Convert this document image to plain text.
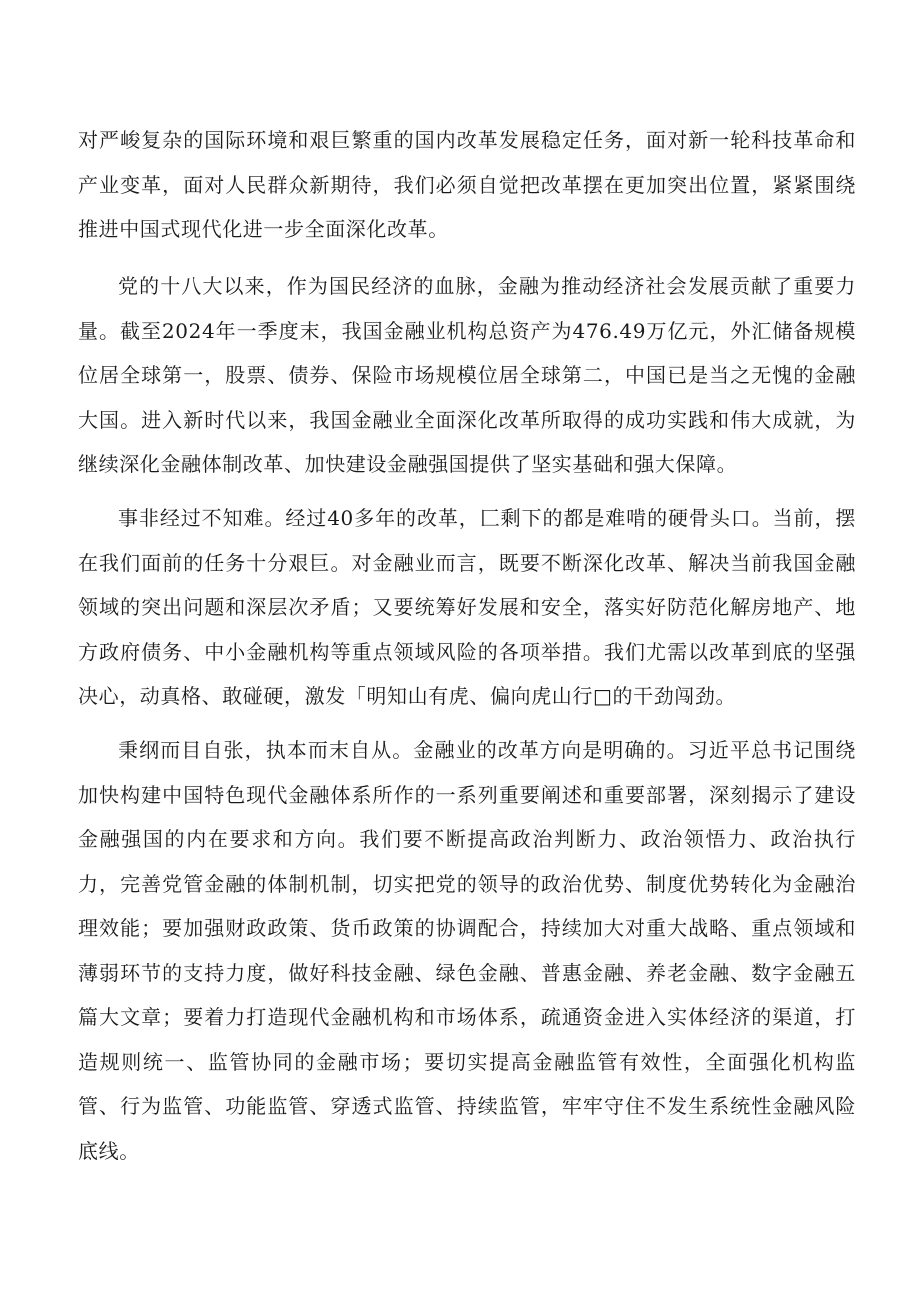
对严峻复杂的国际环境和艰巨繁重的国内改革发展稳定任务，面对新一轮科技革命和产业变革，面对人民群众新期待，我们必须自觉把改革摆在更加突出位置，紧紧围绕推进中国式现代化进一步全面深化改革。

党的十八大以来，作为国民经济的血脉，金融为推动经济社会发展贡献了重要力量。截至2024年一季度末，我国金融业机构总资产为476.49万亿元，外汇储备规模位居全球第一，股票、债券、保险市场规模位居全球第二，中国已是当之无愧的金融大国。进入新时代以来，我国金融业全面深化改革所取得的成功实践和伟大成就，为继续深化金融体制改革、加快建设金融强国提供了坚实基础和强大保障。

事非经过不知难。经过40多年的改革，匚剩下的都是难啃的硬骨头口。当前，摆在我们面前的任务十分艰巨。对金融业而言，既要不断深化改革、解决当前我国金融领域的突出问题和深层次矛盾；又要统筹好发展和安全，落实好防范化解房地产、地方政府债务、中小金融机构等重点领域风险的各项举措。我们尤需以改革到底的坚强决心，动真格、敢碰硬，激发「明知山有虎、偏向虎山行□的干劲闯劲。

秉纲而目自张，执本而末自从。金融业的改革方向是明确的。习近平总书记围绕加快构建中国特色现代金融体系所作的一系列重要阐述和重要部署，深刻揭示了建设金融强国的内在要求和方向。我们要不断提高政治判断力、政治领悟力、政治执行力，完善党管金融的体制机制，切实把党的领导的政治优势、制度优势转化为金融治理效能；要加强财政政策、货币政策的协调配合，持续加大对重大战略、重点领域和薄弱环节的支持力度，做好科技金融、绿色金融、普惠金融、养老金融、数字金融五篇大文章；要着力打造现代金融机构和市场体系，疏通资金进入实体经济的渠道，打造规则统一、监管协同的金融市场；要切实提高金融监管有效性，全面强化机构监管、行为监管、功能监管、穿透式监管、持续监管，牢牢守住不发生系统性金融风险底线。
